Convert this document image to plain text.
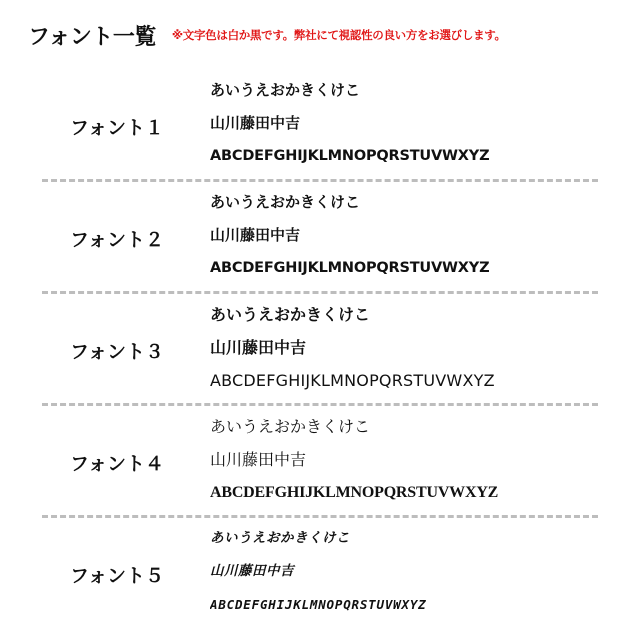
フォント一覧 ※文字色は白か黒です。弊社にて視認性の良い方をお選びします。
フォント１
あいうえおかきくけこ
山川藤田中吉
ABCDEFGHIJKLMNOPQRSTUVWXYZ
フォント２
あいうえおかきくけこ
山川藤田中吉
ABCDEFGHIJKLMNOPQRSTUVWXYZ
フォント３
あいうえおかきくけこ
山川藤田中吉
ABCDEFGHIJKLMNOPQRSTUVWXYZ
フォント４
あいうえおかきくけこ
山川藤田中吉
ABCDEFGHIJKLMNOPQRSTUVWXYZ
フォント５
あいうえおかきくけこ
山川藤田中吉
ABCDEFGHIJKLMNOPQRSTUVWXYZ
